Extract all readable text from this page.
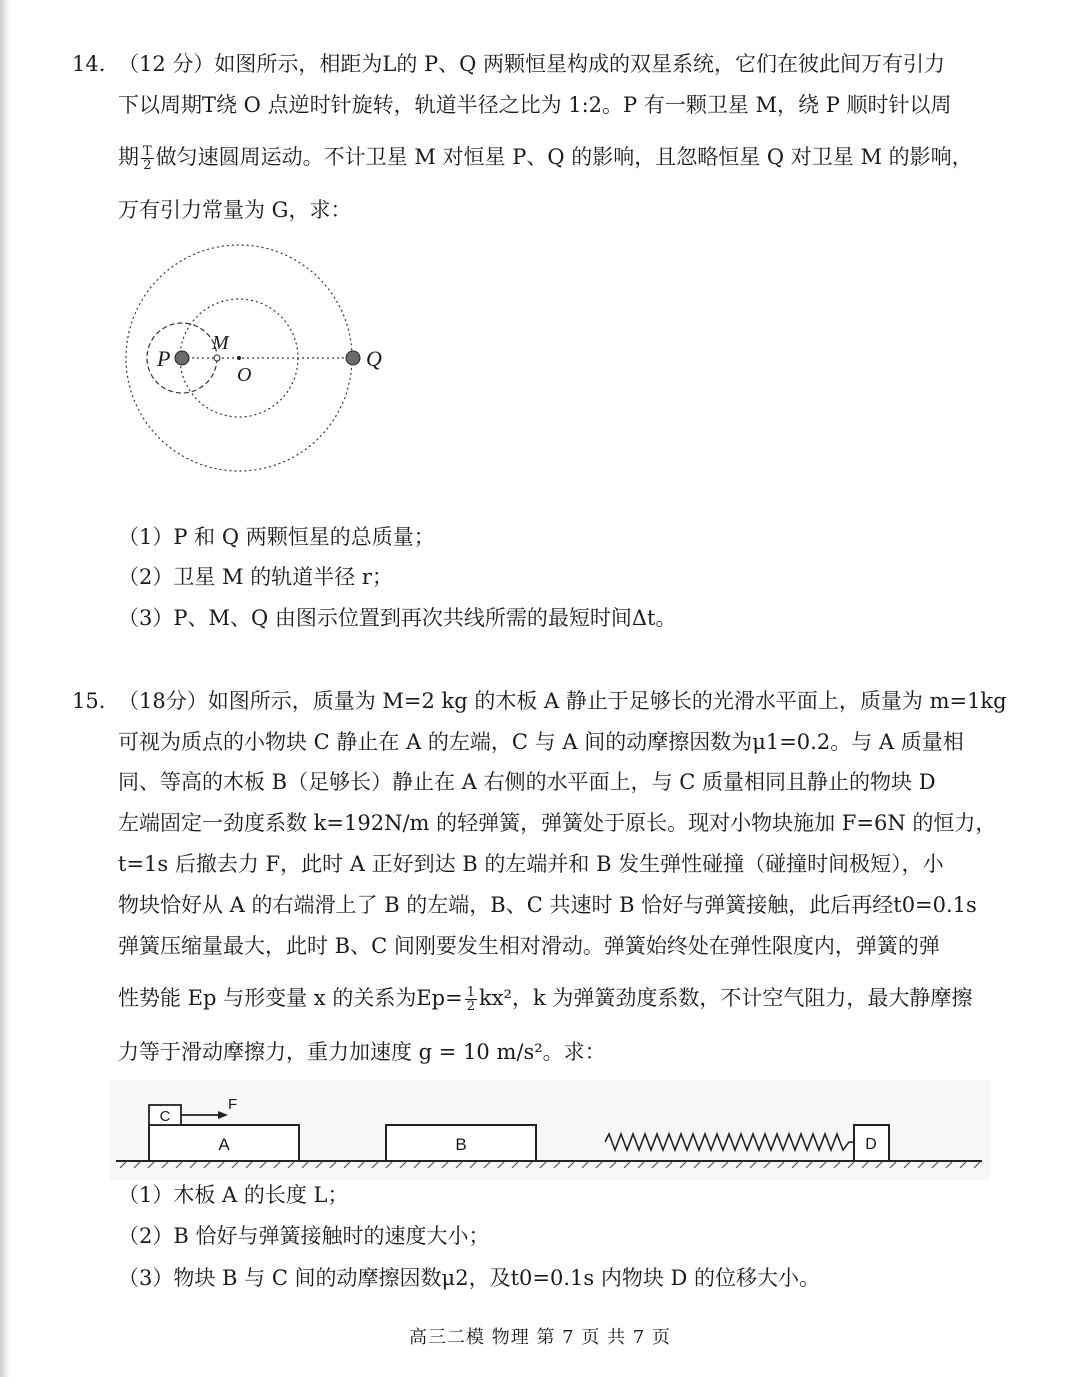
14. （12 分）如图所示，相距为L的 P、Q 两颗恒星构成的双星系统，它们在彼此间万有引力
下以周期T绕 O 点逆时针旋转，轨道半径之比为 1:2。P 有一颗卫星 M，绕 P 顺时针以周
期 $\frac{T}{2}$ 做匀速圆周运动。不计卫星 M 对恒星 P、Q 的影响，且忽略恒星 Q 对卫星 M 的影响，
万有引力常量为 G，求：
P
M
O
Q
（1）P 和 Q 两颗恒星的总质量；
（2）卫星 M 的轨道半径 r；
（3）P、M、Q 由图示位置到再次共线所需的最短时间Δt。
15. （18分）如图所示，质量为 M=2 kg 的木板 A 静止于足够长的光滑水平面上，质量为 m=1kg
可视为质点的小物块 C 静止在 A 的左端，C 与 A 间的动摩擦因数为μ1=0.2。与 A 质量相
同、等高的木板 B（足够长）静止在 A 右侧的水平面上，与 C 质量相同且静止的物块 D
左端固定一劲度系数 k=192N/m 的轻弹簧，弹簧处于原长。现对小物块施加 F=6N 的恒力，
t=1s 后撤去力 F，此时 A 正好到达 B 的左端并和 B 发生弹性碰撞（碰撞时间极短），小
物块恰好从 A 的右端滑上了 B 的左端，B、C 共速时 B 恰好与弹簧接触，此后再经t0=0.1s
弹簧压缩量最大，此时 B、C 间刚要发生相对滑动。弹簧始终处在弹性限度内，弹簧的弹
性势能 Ep 与形变量 x 的关系为$Ep= \frac{1}{2} kx^2$，k 为弹簧劲度系数，不计空气阻力，最大静摩擦
力等于滑动摩擦力，重力加速度 g = 10 m/s²。求：
A
C
F
B	D
（1）木板 A 的长度 L；
（2）B 恰好与弹簧接触时的速度大小；
（3）物块 B 与 C 间的动摩擦因数μ2，及t0=0.1s 内物块 D 的位移大小。
高三二模 物理 第 7 页 共 7 页
